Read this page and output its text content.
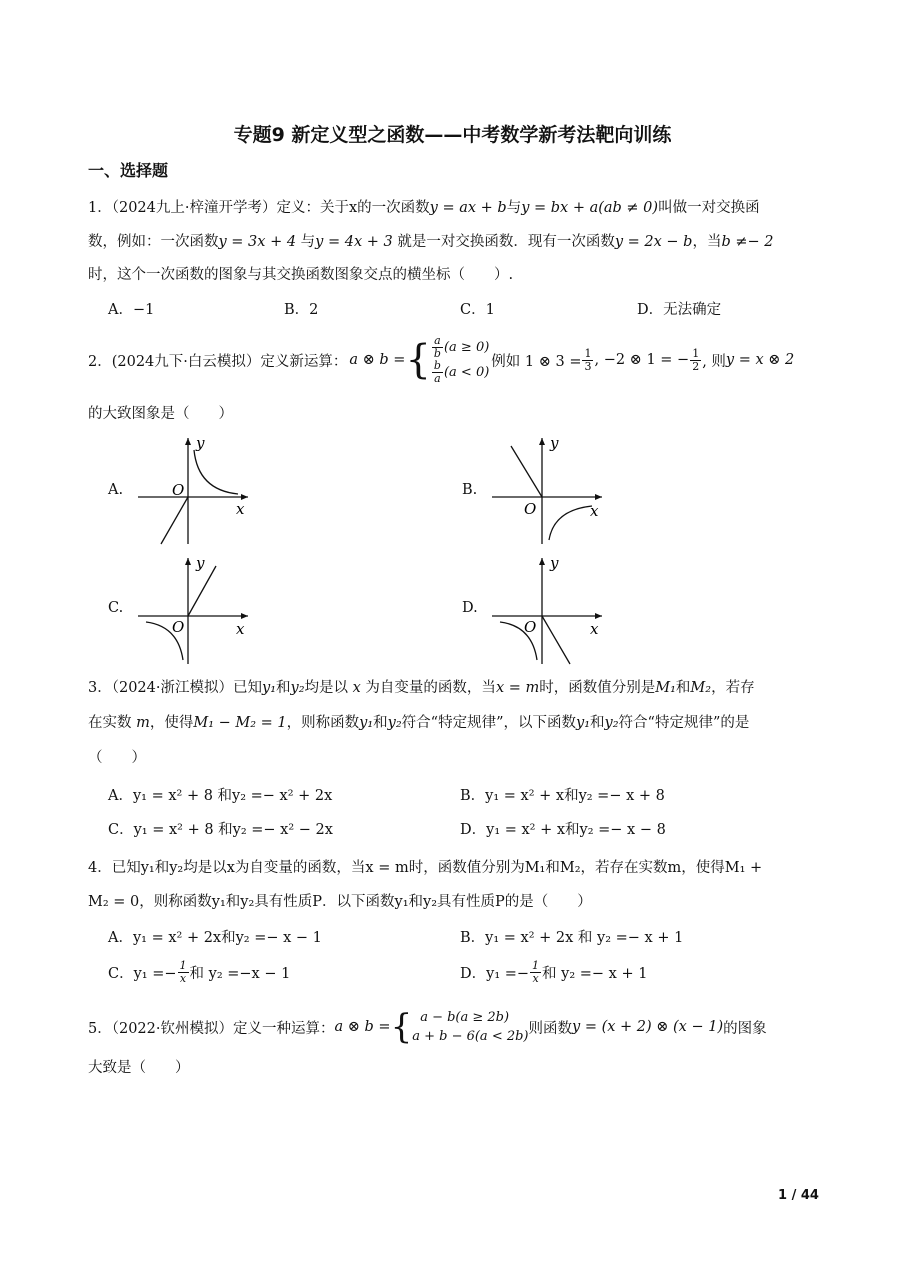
专题9 新定义型之函数——中考数学新考法靶向训练
一、选择题
1．（2024九上·梓潼开学考）定义：关于x的一次函数y = ax + b与y = bx + a(ab ≠ 0)叫做一对交换函
数，例如：一次函数y = 3x + 4 与y = 4x + 3 就是一对交换函数．现有一次函数y = 2x − b，当b ≠− 2
时，这个一次函数的图象与其交换函数图象交点的横坐标（　　）.
A．−1	B．2	C．1	D．无法确定
2．(2024九下·白云模拟）定义新运算： a ⊗ b = { $\frac{a}{b} (a \ge 0)$
$\frac{b}{a} (a < 0)$
例如 1 ⊗ $3 = \frac{1}{3}$ , −2 ⊗ 1 = − $\frac{1}{2}$ , 则 y = x ⊗ 2
的大致图象是（　　）
A.	B.
C.	D.
y
x
O
y
x
O
y
x
O
y
x
O
3．（2024·浙江模拟）已知y₁和y₂均是以 x 为自变量的函数，当x = m时，函数值分别是M₁和M₂，若存
在实数 m，使得M₁ − M₂ = 1，则称函数y₁和y₂符合“特定规律”，以下函数y₁和y₂符合“特定规律”的是
（　　）
A．y₁ = x² + 8 和y₂ =− x² + 2x	B．y₁ = x² + x和y₂ =− x + 8
C．y₁ = x² + 8 和y₂ =− x² − 2x	D．y₁ = x² + x和y₂ =− x − 8
4．已知y₁和y₂均是以x为自变量的函数，当x = m时，函数值分别为M₁和M₂，若存在实数m，使得M₁ +
M₂ = 0，则称函数y₁和y₂具有性质P．以下函数y₁和y₂具有性质P的是（　　）
A．y₁ = x² + 2x和y₂ =− x − 1	B．y₁ = x² + 2x 和 y₂ =− x + 1
C．$y_1 =- \frac{1}{x}$ 和 y₂ =−x − 1	D．$y_1 =- \frac{1}{x}$ 和 y₂ =− x + 1
5．（2022·钦州模拟）定义一种运算： a ⊗ b = { a − b(a ≥ 2b)
a + b − 6(a < 2b) 则函数 y = (x + 2) ⊗ (x − 1) 的图象
大致是（　　）
1 / 44
